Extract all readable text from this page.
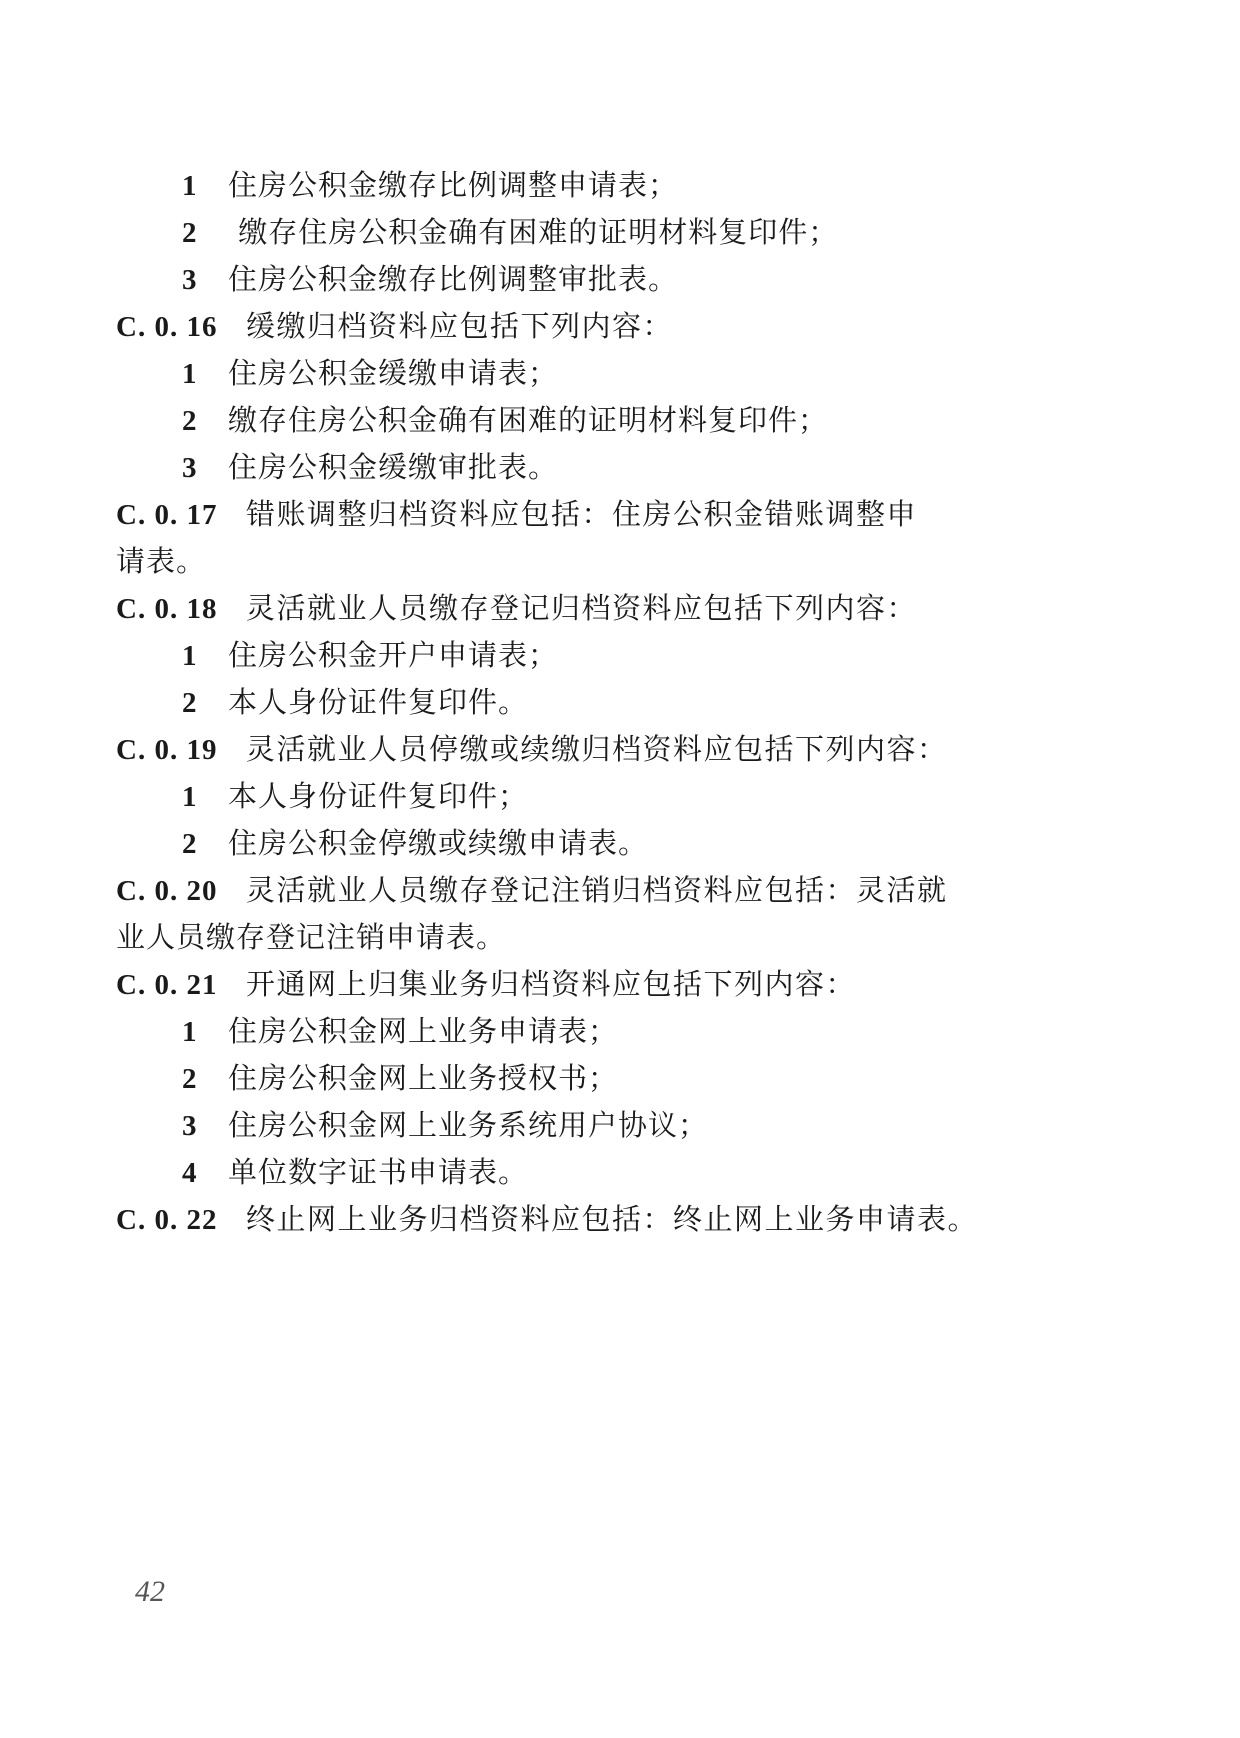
1 住房公积金缴存比例调整申请表；
2 缴存住房公积金确有困难的证明材料复印件；
3 住房公积金缴存比例调整审批表。
C. 0. 16 缓缴归档资料应包括下列内容：
1 住房公积金缓缴申请表；
2 缴存住房公积金确有困难的证明材料复印件；
3 住房公积金缓缴审批表。
C. 0. 17 错账调整归档资料应包括：住房公积金错账调整申
请表。
C. 0. 18 灵活就业人员缴存登记归档资料应包括下列内容：
1 住房公积金开户申请表；
2 本人身份证件复印件。
C. 0. 19 灵活就业人员停缴或续缴归档资料应包括下列内容：
1 本人身份证件复印件；
2 住房公积金停缴或续缴申请表。
C. 0. 20 灵活就业人员缴存登记注销归档资料应包括：灵活就
业人员缴存登记注销申请表。
C. 0. 21 开通网上归集业务归档资料应包括下列内容：
1 住房公积金网上业务申请表；
2 住房公积金网上业务授权书；
3 住房公积金网上业务系统用户协议；
4 单位数字证书申请表。
C. 0. 22 终止网上业务归档资料应包括：终止网上业务申请表。
42
